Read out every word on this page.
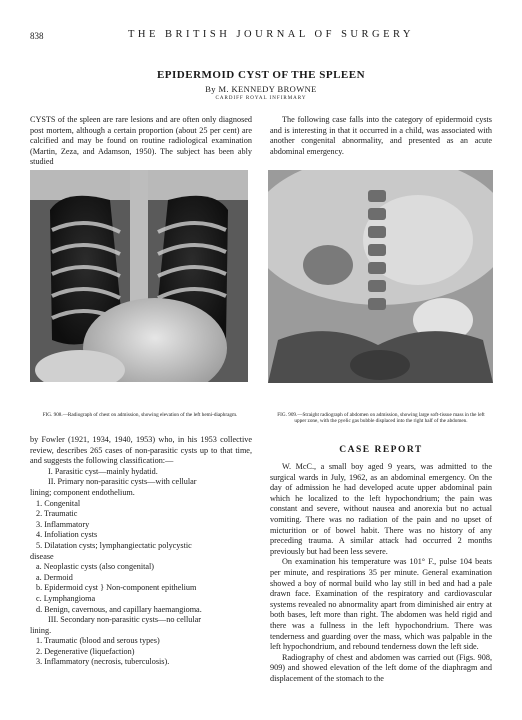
838	THE BRITISH JOURNAL OF SURGERY
EPIDERMOID CYST OF THE SPLEEN
By M. KENNEDY BROWNE
CARDIFF ROYAL INFIRMARY

CYSTS of the spleen are rare lesions and are often only diagnosed post mortem, although a certain proportion (about 25 per cent) are calcified and may be found on routine radiological examination (Martin, Zeza, and Adamson, 1950). The subject has been ably studied

The following case falls into the category of epidermoid cysts and is interesting in that it occurred in a child, was associated with another congenital abnormality, and presented as an acute abdominal emergency.

FIG. 908.—Radiograph of chest on admission, showing elevation of the left hemi-diaphragm.	FIG. 909.—Straight radiograph of abdomen on admission, showing large soft-tissue mass in the left upper zone, with the pyelic gas bubble displaced into the right half of the abdomen.

by Fowler (1921, 1934, 1940, 1953) who, in his 1953 collective review, describes 265 cases of non-parasitic cysts up to that time, and suggests the following classification:—

I. Parasitic cyst—mainly hydatid.
II. Primary non-parasitic cysts—with cellular
lining; component endothelium.
1. Congenital
2. Traumatic
3. Inflammatory
4. Infoliation cysts
5. Dilatation cysts; lymphangiectatic polycystic
disease
a. Neoplastic cysts (also congenital)
a. Dermoid
b. Epidermoid cyst } Non-component epithelium
c. Lymphangioma
d. Benign, cavernous, and capillary haemangioma.
III. Secondary non-parasitic cysts—no cellular
lining.
1. Traumatic (blood and serous types)
2. Degenerative (liquefaction)
3. Inflammatory (necrosis, tuberculosis).
CASE REPORT

W. McC., a small boy aged 9 years, was admitted to the surgical wards in July, 1962, as an abdominal emergency. On the day of admission he had developed acute upper abdominal pain which he localized to the left hypochondrium; the pain was constant and severe, without nausea and anorexia but no actual vomiting. There was no radiation of the pain and no upset of micturition or of bowel habit. There was no history of any preceding trauma. A similar attack had occurred 2 months previously but had been less severe.

On examination his temperature was 101° F., pulse 104 beats per minute, and respirations 35 per minute. General examination showed a boy of normal build who lay still in bed and had a pale drawn face. Examination of the respiratory and cardiovascular systems revealed no abnormality apart from diminished air entry at both bases, left more than right. The abdomen was held rigid and there was a fullness in the left hypochondrium. There was tenderness and guarding over the mass, which was palpable in the left hypochondrium, and rebound tenderness down the left side.

Radiography of chest and abdomen was carried out (Figs. 908, 909) and showed elevation of the left dome of the diaphragm and displacement of the stomach to the
